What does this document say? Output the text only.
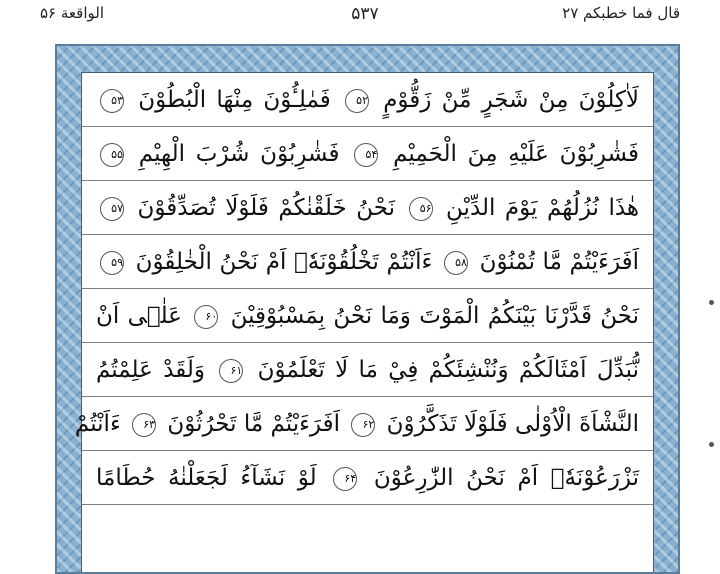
قال فما خطبکم ۲۷
۵۳۷
الواقعة ۵۶
لَاٰكِلُوْنَ مِنْ شَجَرٍ مِّنْ زَقُّوْمٍ ۵۲ فَمٰلِـُٔوْنَ مِنْهَا الْبُطُوْنَ ۵۳
فَشٰرِبُوْنَ عَلَيْهِ مِنَ الْحَمِيْمِ ۵۴ فَشٰرِبُوْنَ شُرْبَ الْهِيْمِ ۵۵
هٰذَا نُزُلُهُمْ يَوْمَ الدِّيْنِ ۵۶ نَحْنُ خَلَقْنٰكُمْ فَلَوْلَا تُصَدِّقُوْنَ ۵۷
اَفَرَءَيْتُمْ مَّا تُمْنُوْنَ ۵۸ ءَاَنْتُمْ تَخْلُقُوْنَهٗۤ اَمْ نَحْنُ الْخٰلِقُوْنَ ۵۹
نَحْنُ قَدَّرْنَا بَيْنَكُمُ الْمَوْتَ وَمَا نَحْنُ بِمَسْبُوْقِيْنَ ۶۰ عَلٰۤى اَنْ
نُّبَدِّلَ اَمْثَالَكُمْ وَنُنْشِئَكُمْ فِيْ مَا لَا تَعْلَمُوْنَ ۶۱ وَلَقَدْ عَلِمْتُمُ
النَّشْاَةَ الْاُوْلٰى فَلَوْلَا تَذَكَّرُوْنَ ۶۲ اَفَرَءَيْتُمْ مَّا تَحْرُثُوْنَ ۶۳ ءَاَنْتُمْ
تَزْرَعُوْنَهٗۤ اَمْ نَحْنُ الزّٰرِعُوْنَ ۶۴ لَوْ نَشَآءُ لَجَعَلْنٰهُ حُطَامًا
